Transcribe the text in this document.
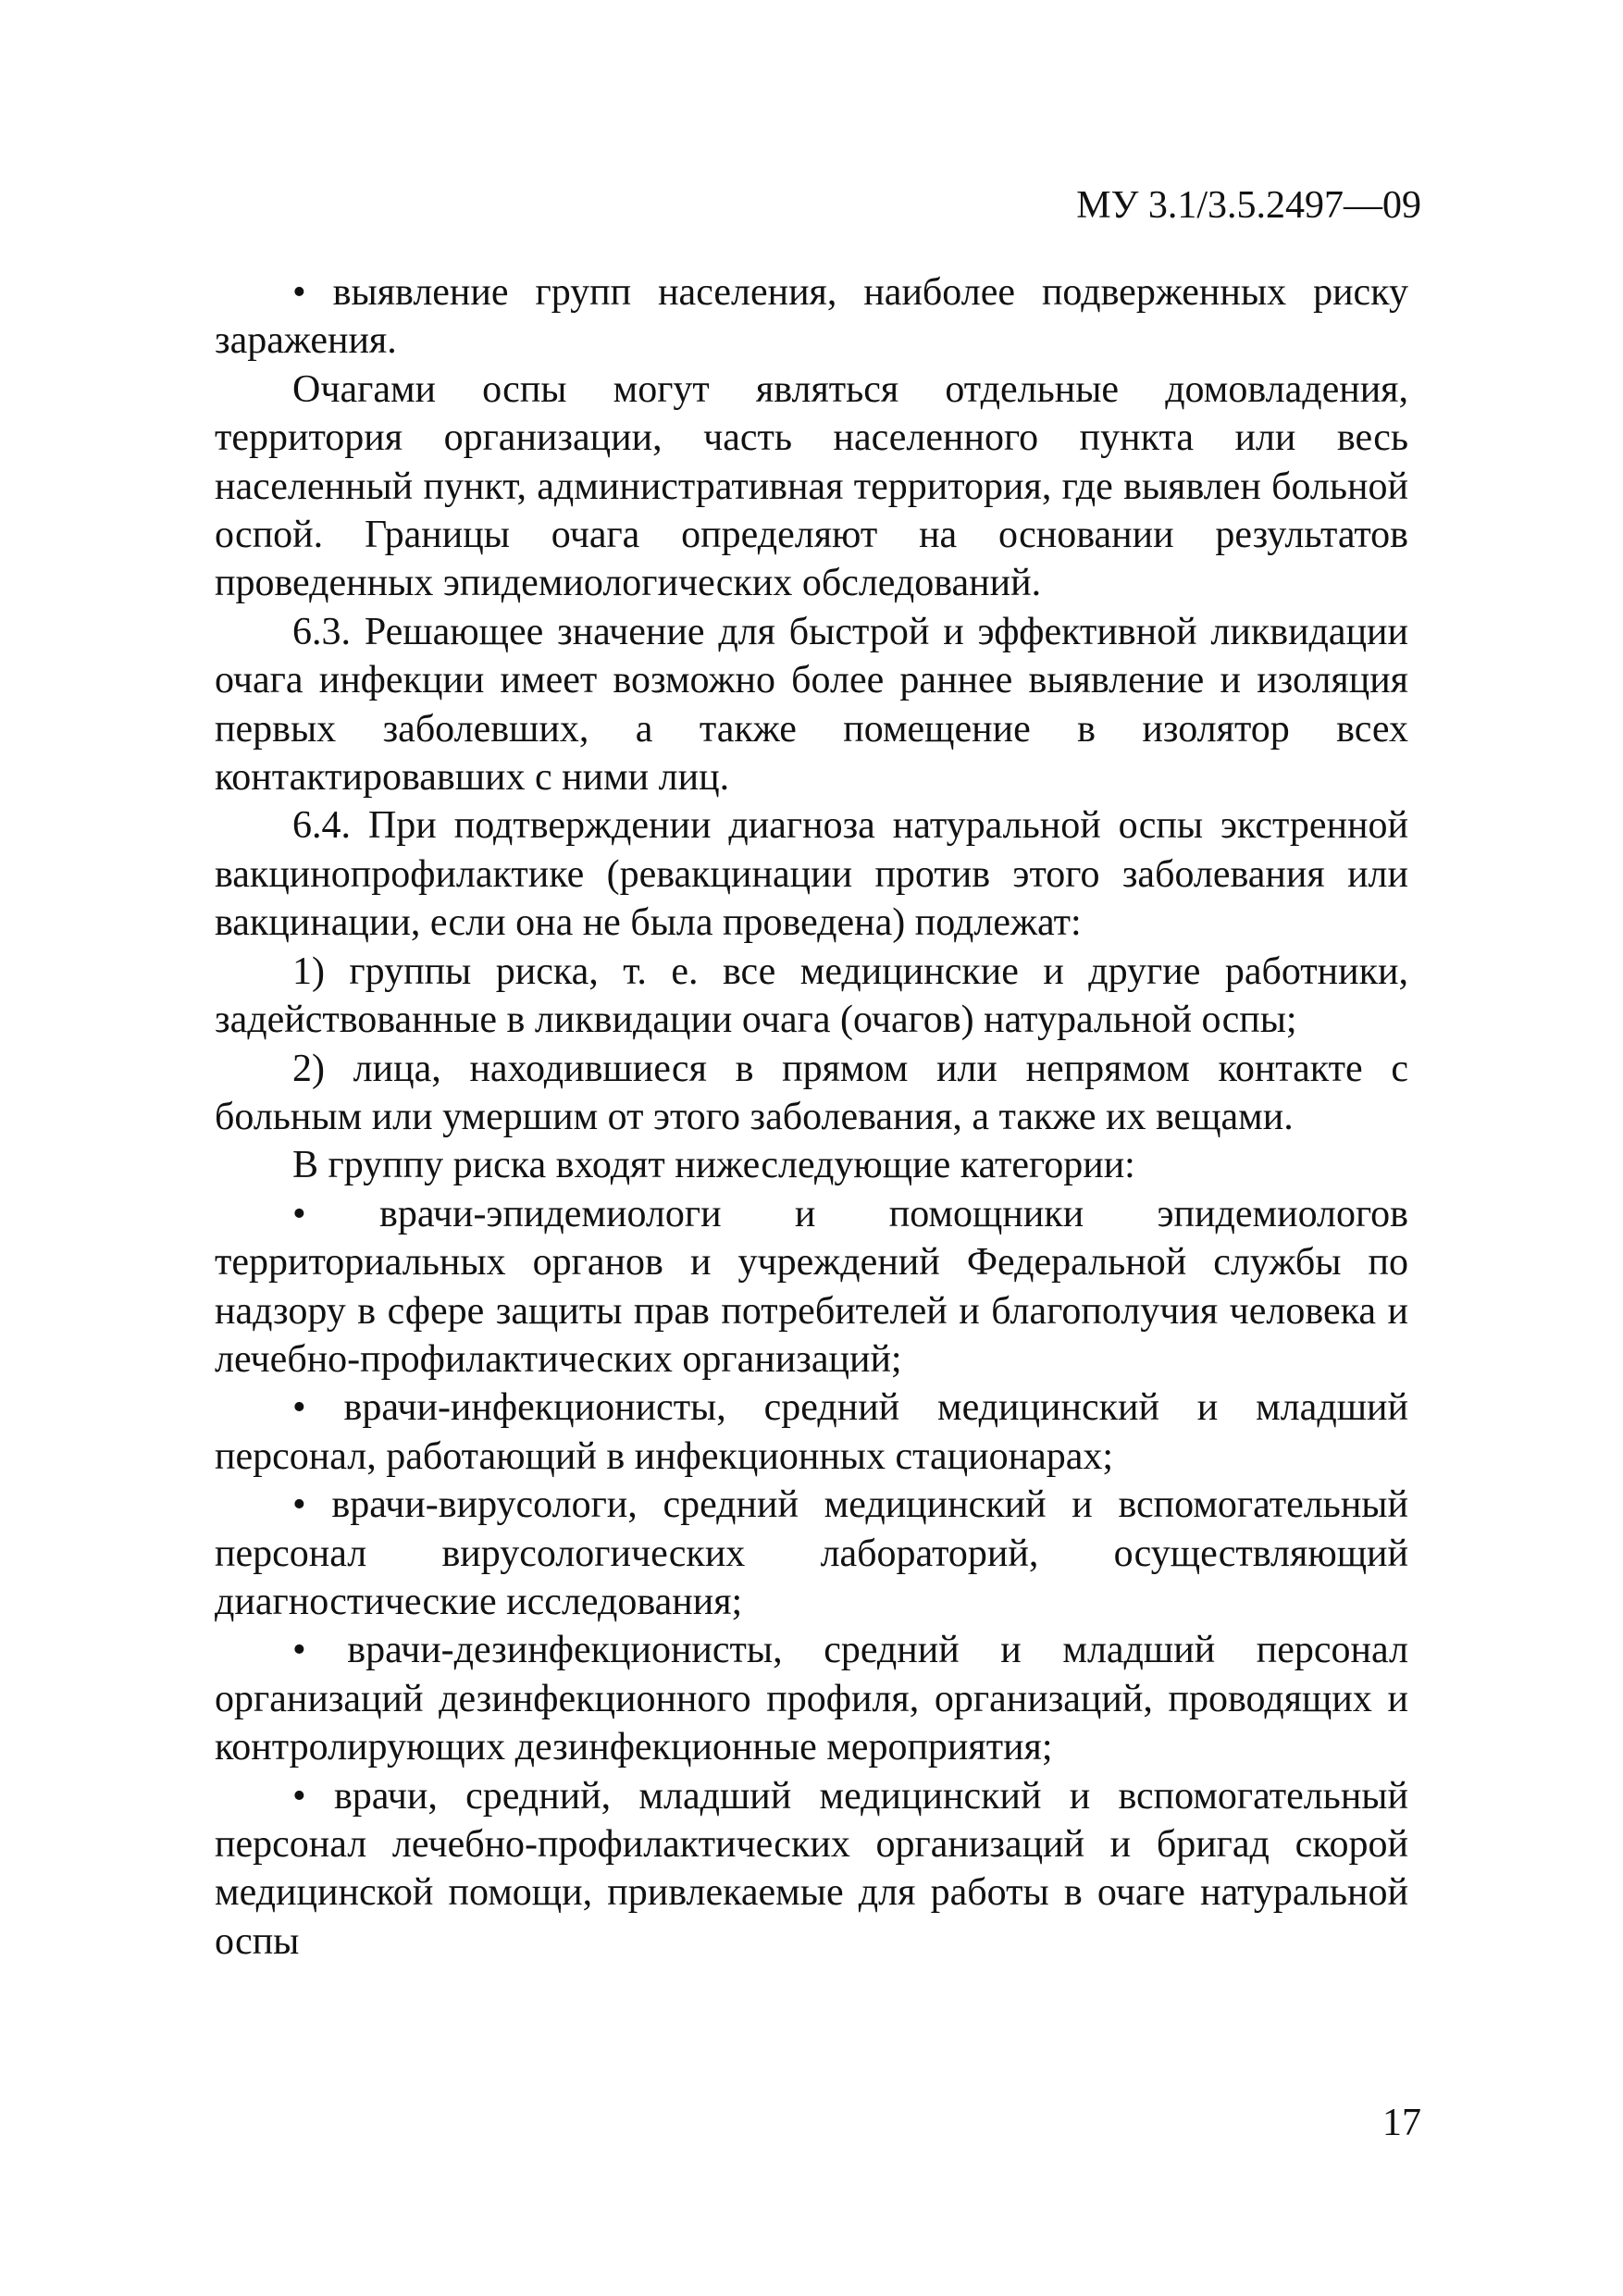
МУ 3.1/3.5.2497—09

• выявление групп населения, наиболее подверженных риску заражения.

Очагами оспы могут являться отдельные домовладения, территория организации, часть населенного пункта или весь населенный пункт, административная территория, где выявлен больной оспой. Границы очага определяют на основании результатов проведенных эпидемиологических обследований.

6.3. Решающее значение для быстрой и эффективной ликвидации очага инфекции имеет возможно более раннее выявление и изоляция первых заболевших, а также помещение в изолятор всех контактировавших с ними лиц.

6.4. При подтверждении диагноза натуральной оспы экстренной вакцинопрофилактике (ревакцинации против этого заболевания или вакцинации, если она не была проведена) подлежат:

1) группы риска, т. е. все медицинские и другие работники, задействованные в ликвидации очага (очагов) натуральной оспы;

2) лица, находившиеся в прямом или непрямом контакте с больным или умершим от этого заболевания, а также их вещами.

В группу риска входят нижеследующие категории:

• врачи-эпидемиологи и помощники эпидемиологов территориальных органов и учреждений Федеральной службы по надзору в сфере защиты прав потребителей и благополучия человека и лечебно-профилактических организаций;

• врачи-инфекционисты, средний медицинский и младший персонал, работающий в инфекционных стационарах;

• врачи-вирусологи, средний медицинский и вспомогательный персонал вирусологических лабораторий, осуществляющий диагностические исследования;

• врачи-дезинфекционисты, средний и младший персонал организаций дезинфекционного профиля, организаций, проводящих и контролирующих дезинфекционные мероприятия;

• врачи, средний, младший медицинский и вспомогательный персонал лечебно-профилактических организаций и бригад скорой медицинской помощи, привлекаемые для работы в очаге натуральной оспы

17
